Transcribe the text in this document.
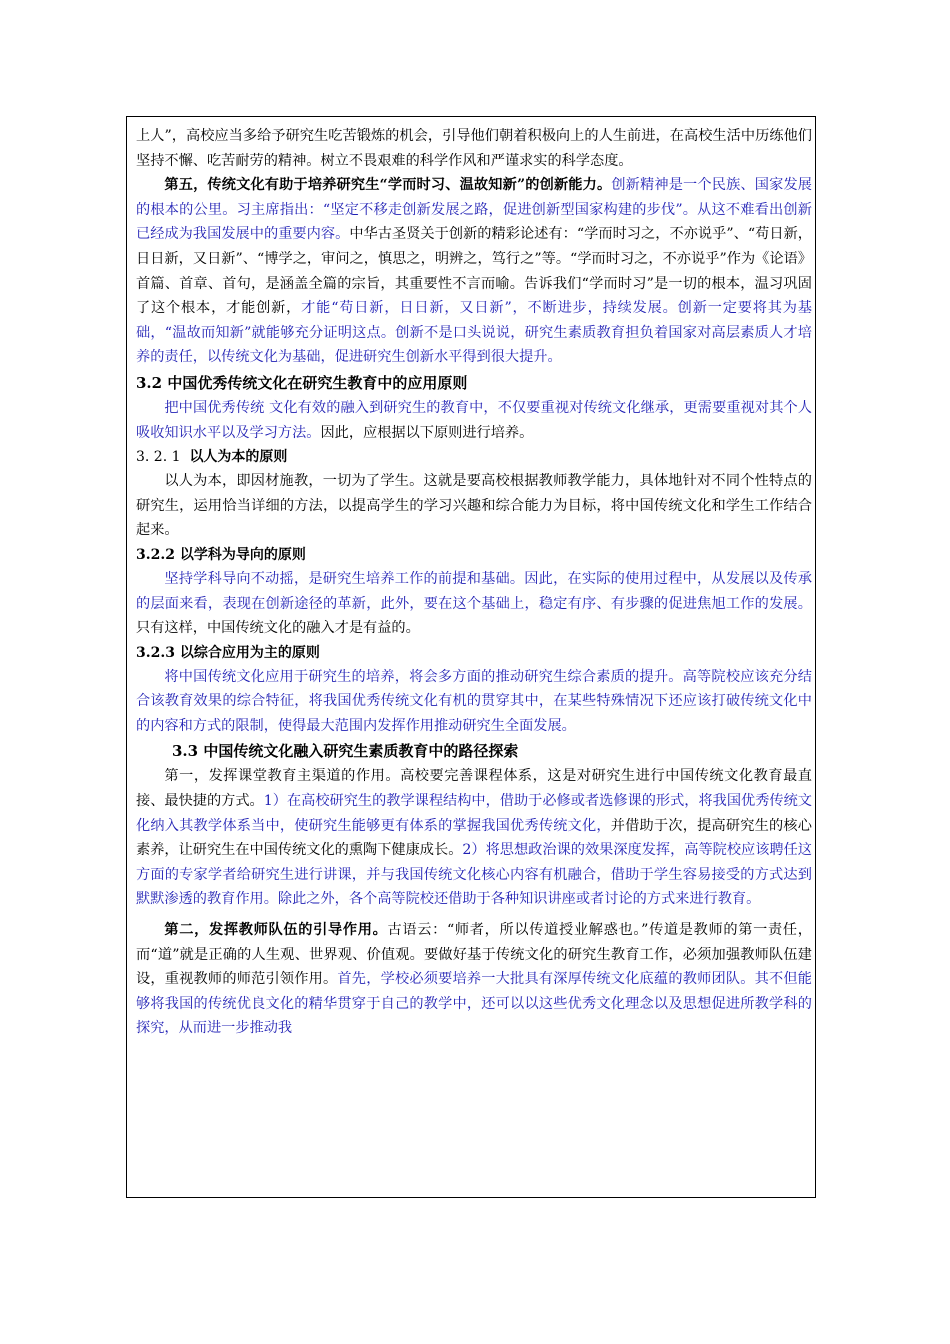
上人”，高校应当多给予研究生吃苦锻炼的机会，引导他们朝着积极向上的人生前进，在高校生活中历练他们坚持不懈、吃苦耐劳的精神。树立不畏艰难的科学作风和严谨求实的科学态度。

第五，传统文化有助于培养研究生“学而时习、温故知新”的创新能力。创新精神是一个民族、国家发展的根本的公里。习主席指出：“坚定不移走创新发展之路，促进创新型国家构建的步伐”。从这不难看出创新已经成为我国发展中的重要内容。中华古圣贤关于创新的精彩论述有：“学而时习之，不亦说乎”、“苟日新，日日新，又日新”、“博学之，审问之，慎思之，明辨之，笃行之”等。“学而时习之，不亦说乎”作为《论语》首篇、首章、首句，是涵盖全篇的宗旨，其重要性不言而喻。告诉我们“学而时习”是一切的根本，温习巩固了这个根本，才能创新，才能“苟日新，日日新，又日新”，不断进步，持续发展。创新一定要将其为基础，“温故而知新”就能够充分证明这点。创新不是口头说说，研究生素质教育担负着国家对高层素质人才培养的责任，以传统文化为基础，促进研究生创新水平得到很大提升。

3.2 中国优秀传统文化在研究生教育中的应用原则

把中国优秀传统 文化有效的融入到研究生的教育中，不仅要重视对传统文化继承，更需要重视对其个人吸收知识水平以及学习方法。因此，应根据以下原则进行培养。

3. 2. 1 以人为本的原则

以人为本，即因材施教，一切为了学生。这就是要高校根据教师教学能力，具体地针对不同个性特点的研究生，运用恰当详细的方法，以提高学生的学习兴趣和综合能力为目标，将中国传统文化和学生工作结合起来。

3.2.2 以学科为导向的原则

坚持学科导向不动摇，是研究生培养工作的前提和基础。因此，在实际的使用过程中，从发展以及传承的层面来看，表现在创新途径的革新，此外，要在这个基础上，稳定有序、有步骤的促进焦旭工作的发展。只有这样，中国传统文化的融入才是有益的。

3.2.3 以综合应用为主的原则

将中国传统文化应用于研究生的培养，将会多方面的推动研究生综合素质的提升。高等院校应该充分结合该教育效果的综合特征，将我国优秀传统文化有机的贯穿其中，在某些特殊情况下还应该打破传统文化中的内容和方式的限制，使得最大范围内发挥作用推动研究生全面发展。

3.3 中国传统文化融入研究生素质教育中的路径探索

第一，发挥课堂教育主渠道的作用。高校要完善课程体系，这是对研究生进行中国传统文化教育最直接、最快捷的方式。1）在高校研究生的教学课程结构中，借助于必修或者选修课的形式，将我国优秀传统文化纳入其教学体系当中，使研究生能够更有体系的掌握我国优秀传统文化，并借助于次，提高研究生的核心素养，让研究生在中国传统文化的熏陶下健康成长。2）将思想政治课的效果深度发挥，高等院校应该聘任这方面的专家学者给研究生进行讲课，并与我国传统文化核心内容有机融合，借助于学生容易接受的方式达到默默渗透的教育作用。除此之外，各个高等院校还借助于各种知识讲座或者讨论的方式来进行教育。

第二，发挥教师队伍的引导作用。古语云：“师者，所以传道授业解惑也。”传道是教师的第一责任，而“道”就是正确的人生观、世界观、价值观。要做好基于传统文化的研究生教育工作，必须加强教师队伍建设，重视教师的师范引领作用。首先，学校必须要培养一大批具有深厚传统文化底蕴的教师团队。其不但能够将我国的传统优良文化的精华贯穿于自己的教学中，还可以以这些优秀文化理念以及思想促进所教学科的探究，从而进一步推动我
